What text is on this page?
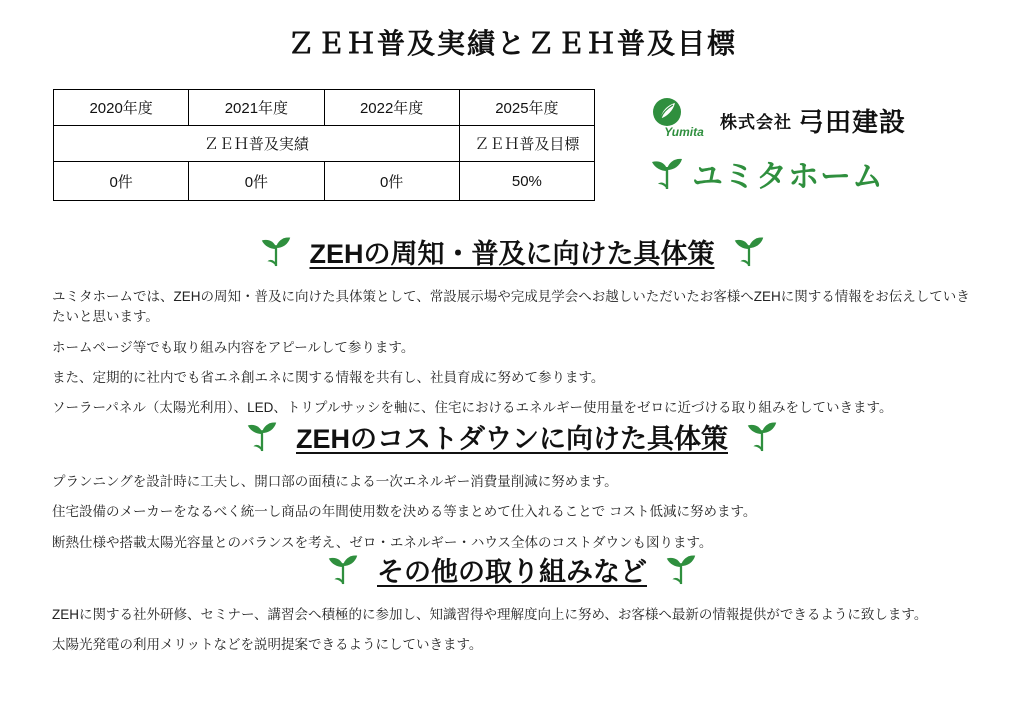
ＺＥＨ普及実績とＺＥＨ普及目標
2020年度	2021年度	2022年度	2025年度
ＺＥＨ普及実績			ＺＥＨ普及目標
0件	0件	0件	50%
Yumita
株式会社 弓田建設
ユミタホーム
ZEHの周知・普及に向けた具体策

ユミタホームでは、ZEHの周知・普及に向けた具体策として、常設展示場や完成見学会へお越しいただいたお客様へZEHに関する情報をお伝えしていきたいと思います。

ホームページ等でも取り組み内容をアピールして参ります。

また、定期的に社内でも省エネ創エネに関する情報を共有し、社員育成に努めて参ります。

ソーラーパネル（太陽光利用）、LED、トリプルサッシを軸に、住宅におけるエネルギー使用量をゼロに近づける取り組みをしていきます。

ZEHのコストダウンに向けた具体策

プランニングを設計時に工夫し、開口部の面積による一次エネルギー消費量削減に努めます。

住宅設備のメーカーをなるべく統一し商品の年間使用数を決める等まとめて仕入れることで コスト低減に努めます。

断熱仕様や搭載太陽光容量とのバランスを考え、ゼロ・エネルギー・ハウス全体のコストダウンも図ります。

その他の取り組みなど

ZEHに関する社外研修、セミナー、講習会へ積極的に参加し、知識習得や理解度向上に努め、お客様へ最新の情報提供ができるように致します。

太陽光発電の利用メリットなどを説明提案できるようにしていきます。
